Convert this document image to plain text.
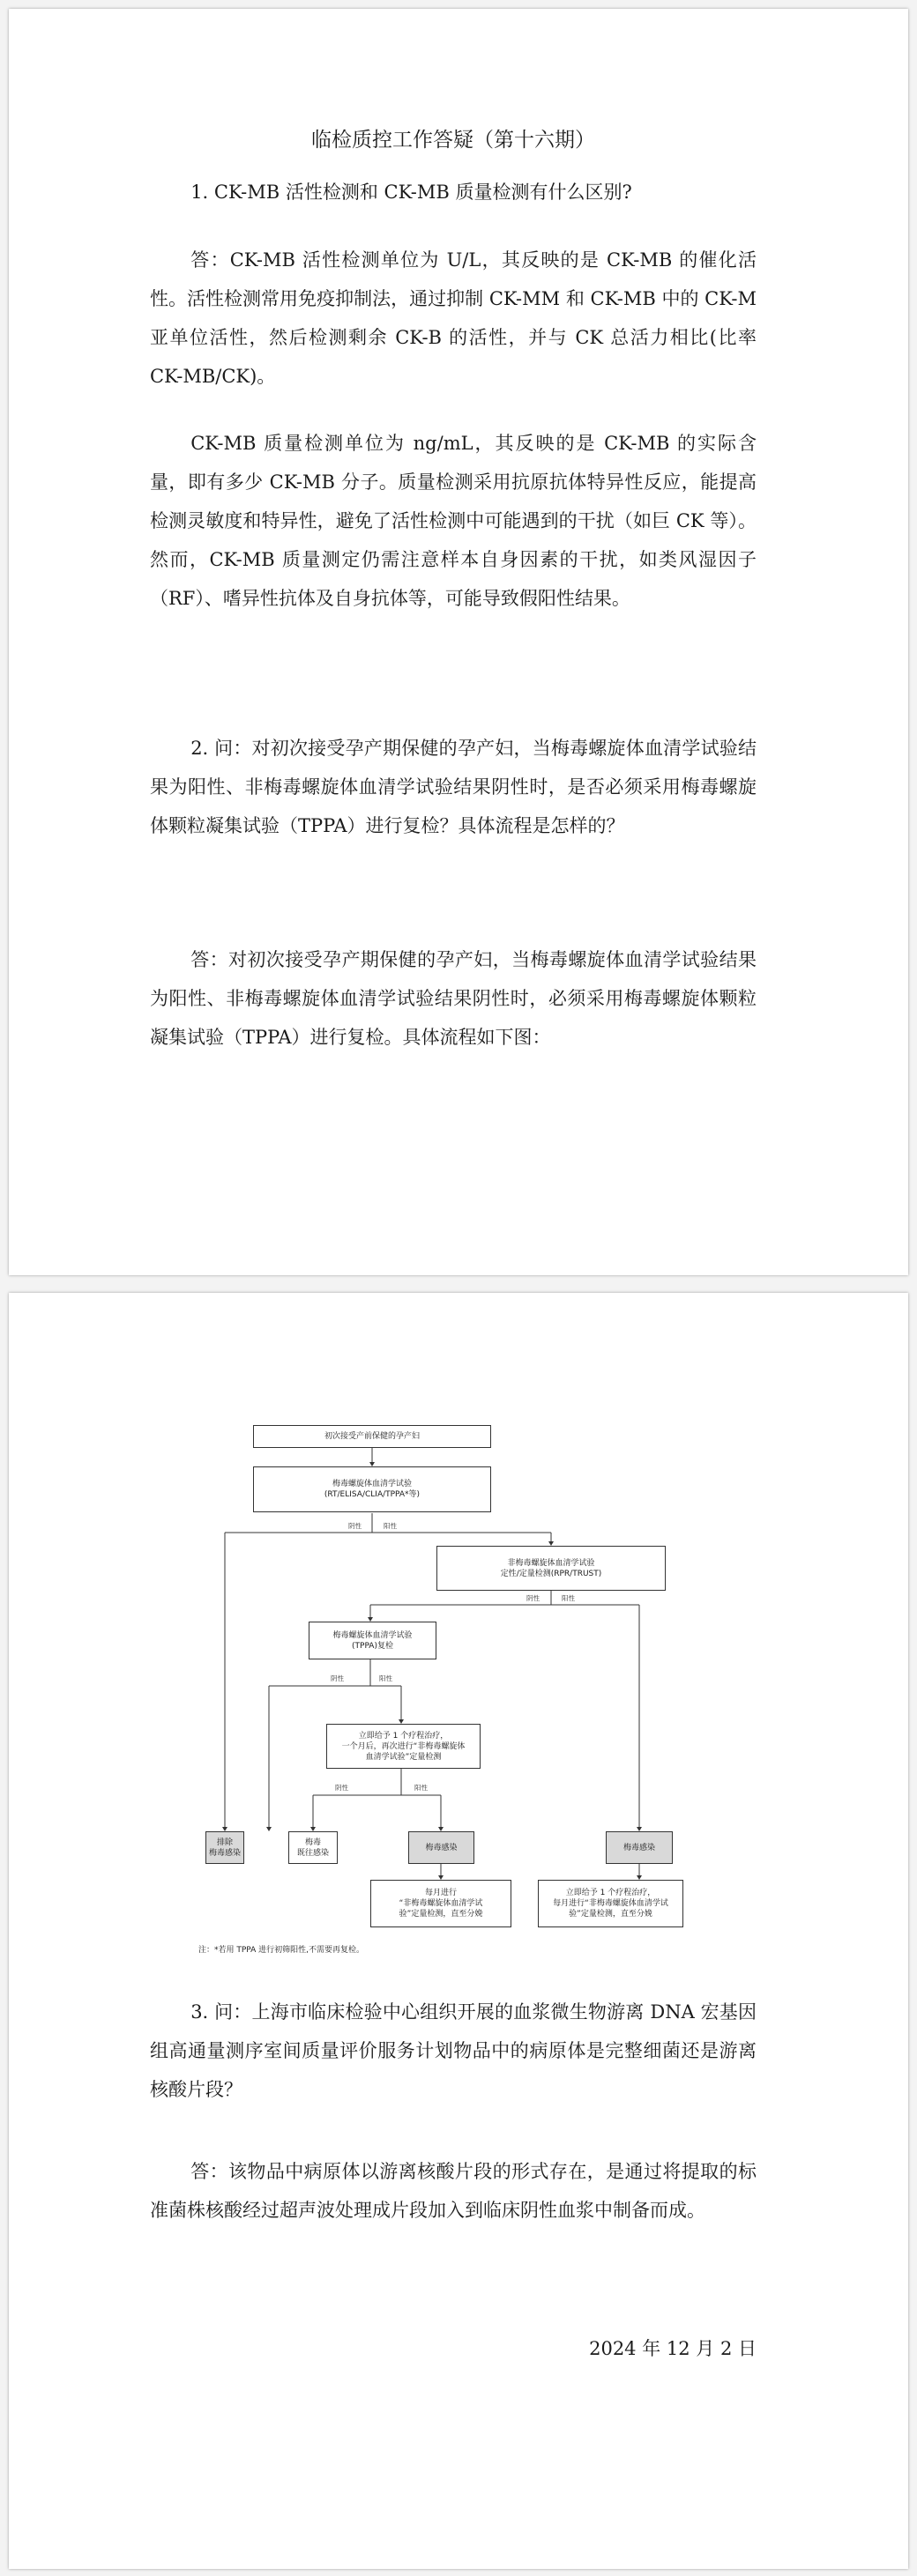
临检质控工作答疑（第十六期）

1. CK-MB 活性检测和 CK-MB 质量检测有什么区别?

答：CK-MB 活性检测单位为 U/L，其反映的是 CK-MB 的催化活性。活性检测常用免疫抑制法，通过抑制 CK-MM 和 CK-MB 中的 CK-M 亚单位活性，然后检测剩余 CK-B 的活性，并与 CK 总活力相比(比率 CK-MB/CK)。

CK-MB 质量检测单位为 ng/mL，其反映的是 CK-MB 的实际含量，即有多少 CK-MB 分子。质量检测采用抗原抗体特异性反应，能提高检测灵敏度和特异性，避免了活性检测中可能遇到的干扰（如巨 CK 等）。然而，CK-MB 质量测定仍需注意样本自身因素的干扰，如类风湿因子（RF）、嗜异性抗体及自身抗体等，可能导致假阳性结果。

2. 问：对初次接受孕产期保健的孕产妇，当梅毒螺旋体血清学试验结果为阳性、非梅毒螺旋体血清学试验结果阴性时，是否必须采用梅毒螺旋体颗粒凝集试验（TPPA）进行复检？具体流程是怎样的？

答：对初次接受孕产期保健的孕产妇，当梅毒螺旋体血清学试验结果为阳性、非梅毒螺旋体血清学试验结果阴性时，必须采用梅毒螺旋体颗粒凝集试验（TPPA）进行复检。具体流程如下图：

初次接受产前保健的孕产妇
梅毒螺旋体血清学试验
(RT/ELISA/CLIA/TPPA*等)
阴性	阳性
非梅毒螺旋体血清学试验
定性/定量检测(RPR/TRUST)
阴性	阳性
梅毒螺旋体血清学试验
(TPPA)复检
阴性	阳性
立即给予 1 个疗程治疗，
一个月后，再次进行“非梅毒螺旋体
血清学试验”定量检测
阴性	阳性
排除
梅毒感染
梅毒
既往感染
梅毒感染	梅毒感染
每月进行
“非梅毒螺旋体血清学试
验”定量检测，直至分娩
立即给予 1 个疗程治疗，
每月进行“非梅毒螺旋体血清学试
验”定量检测，直至分娩
注：*若用 TPPA 进行初筛阳性,不需要再复检。

3. 问：上海市临床检验中心组织开展的血浆微生物游离 DNA 宏基因组高通量测序室间质量评价服务计划物品中的病原体是完整细菌还是游离核酸片段？

答：该物品中病原体以游离核酸片段的形式存在，是通过将提取的标准菌株核酸经过超声波处理成片段加入到临床阴性血浆中制备而成。

2024 年 12 月 2 日
